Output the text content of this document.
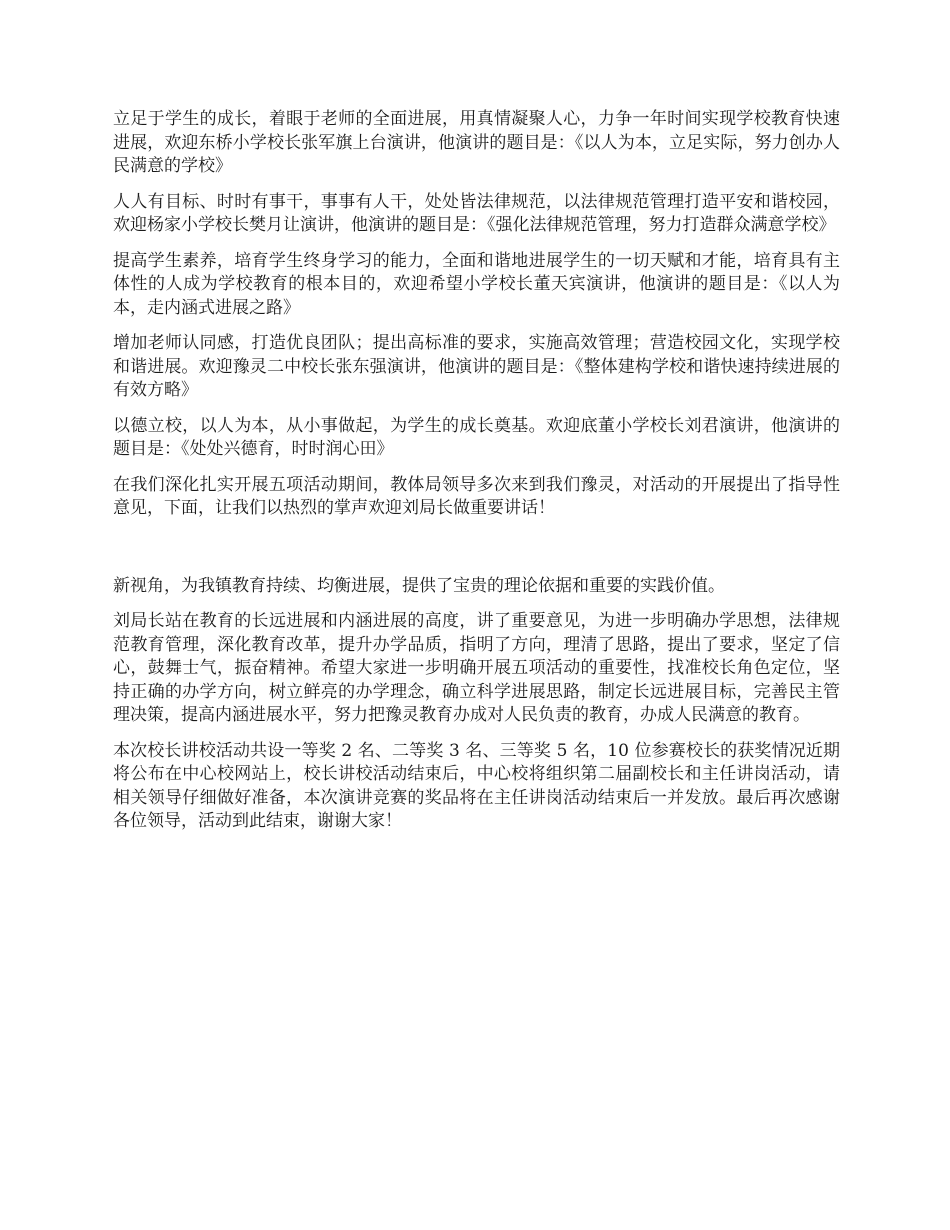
立足于学生的成长，着眼于老师的全面进展，用真情凝聚人心，力争一年时间实现学校教育快速进展，欢迎东桥小学校长张军旗上台演讲，他演讲的题目是：《以人为本，立足实际，努力创办人民满意的学校》

人人有目标、时时有事干，事事有人干，处处皆法律规范，以法律规范管理打造平安和谐校园，欢迎杨家小学校长樊月让演讲，他演讲的题目是：《强化法律规范管理，努力打造群众满意学校》

提高学生素养，培育学生终身学习的能力，全面和谐地进展学生的一切天赋和才能，培育具有主体性的人成为学校教育的根本目的，欢迎希望小学校长董天宾演讲，他演讲的题目是：《以人为本，走内涵式进展之路》

增加老师认同感，打造优良团队；提出高标准的要求，实施高效管理；营造校园文化，实现学校和谐进展。欢迎豫灵二中校长张东强演讲，他演讲的题目是：《整体建构学校和谐快速持续进展的有效方略》

以德立校，以人为本，从小事做起，为学生的成长奠基。欢迎底董小学校长刘君演讲，他演讲的题目是：《处处兴德育，时时润心田》

在我们深化扎实开展五项活动期间，教体局领导多次来到我们豫灵，对活动的开展提出了指导性意见，下面，让我们以热烈的掌声欢迎刘局长做重要讲话！

新视角，为我镇教育持续、均衡进展，提供了宝贵的理论依据和重要的实践价值。

刘局长站在教育的长远进展和内涵进展的高度，讲了重要意见，为进一步明确办学思想，法律规范教育管理，深化教育改革，提升办学品质，指明了方向，理清了思路，提出了要求，坚定了信心，鼓舞士气，振奋精神。希望大家进一步明确开展五项活动的重要性，找准校长角色定位，坚持正确的办学方向，树立鲜亮的办学理念，确立科学进展思路，制定长远进展目标，完善民主管理决策，提高内涵进展水平，努力把豫灵教育办成对人民负责的教育，办成人民满意的教育。

本次校长讲校活动共设一等奖 2 名、二等奖 3 名、三等奖 5 名，10 位参赛校长的获奖情况近期将公布在中心校网站上，校长讲校活动结束后，中心校将组织第二届副校长和主任讲岗活动，请相关领导仔细做好准备，本次演讲竞赛的奖品将在主任讲岗活动结束后一并发放。最后再次感谢各位领导，活动到此结束，谢谢大家！
